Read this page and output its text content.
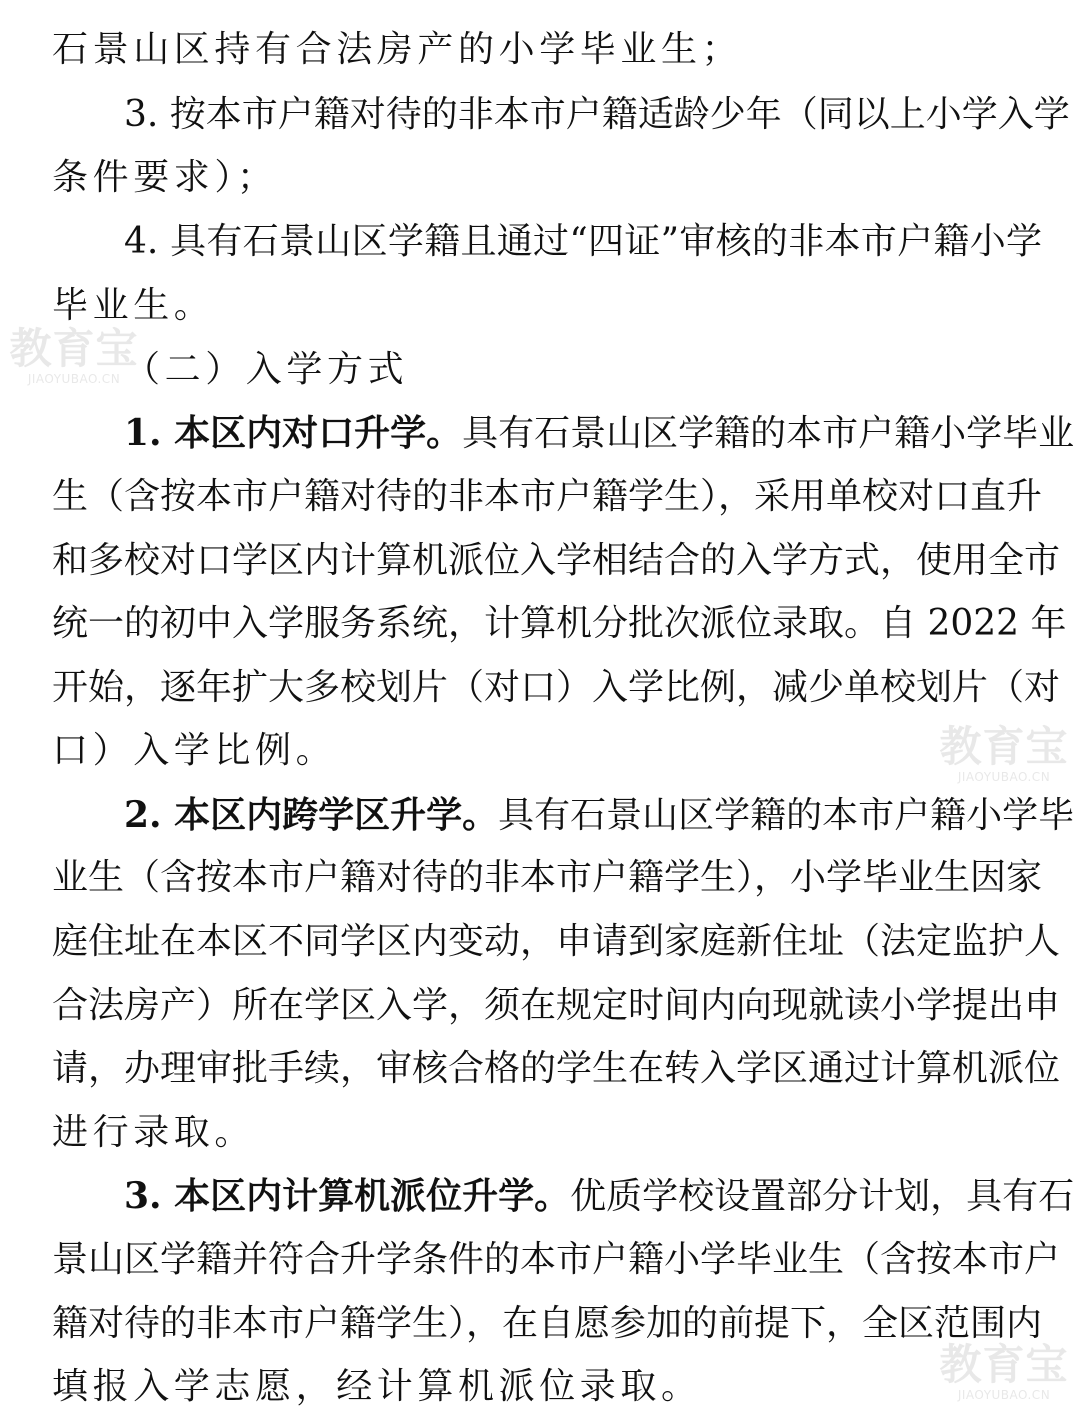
石景山区持有合法房产的小学毕业生；
3. 按本市户籍对待的非本市户籍适龄少年（同以上小学入学
条件要求）；
4. 具有石景山区学籍且通过“四证”审核的非本市户籍小学
毕业生。
（二）入学方式
1. 本区内对口升学。具有石景山区学籍的本市户籍小学毕业
生（含按本市户籍对待的非本市户籍学生），采用单校对口直升
和多校对口学区内计算机派位入学相结合的入学方式，使用全市
统一的初中入学服务系统，计算机分批次派位录取。自 2022 年
开始，逐年扩大多校划片（对口）入学比例，减少单校划片（对
口）入学比例。
2. 本区内跨学区升学。具有石景山区学籍的本市户籍小学毕
业生（含按本市户籍对待的非本市户籍学生），小学毕业生因家
庭住址在本区不同学区内变动，申请到家庭新住址（法定监护人
合法房产）所在学区入学，须在规定时间内向现就读小学提出申
请，办理审批手续，审核合格的学生在转入学区通过计算机派位
进行录取。
3. 本区内计算机派位升学。优质学校设置部分计划，具有石
景山区学籍并符合升学条件的本市户籍小学毕业生（含按本市户
籍对待的非本市户籍学生），在自愿参加的前提下，全区范围内
填报入学志愿，经计算机派位录取。
教育宝
JIAOYUBAO.CN
教育宝
JIAOYUBAO.CN
教育宝
JIAOYUBAO.CN
